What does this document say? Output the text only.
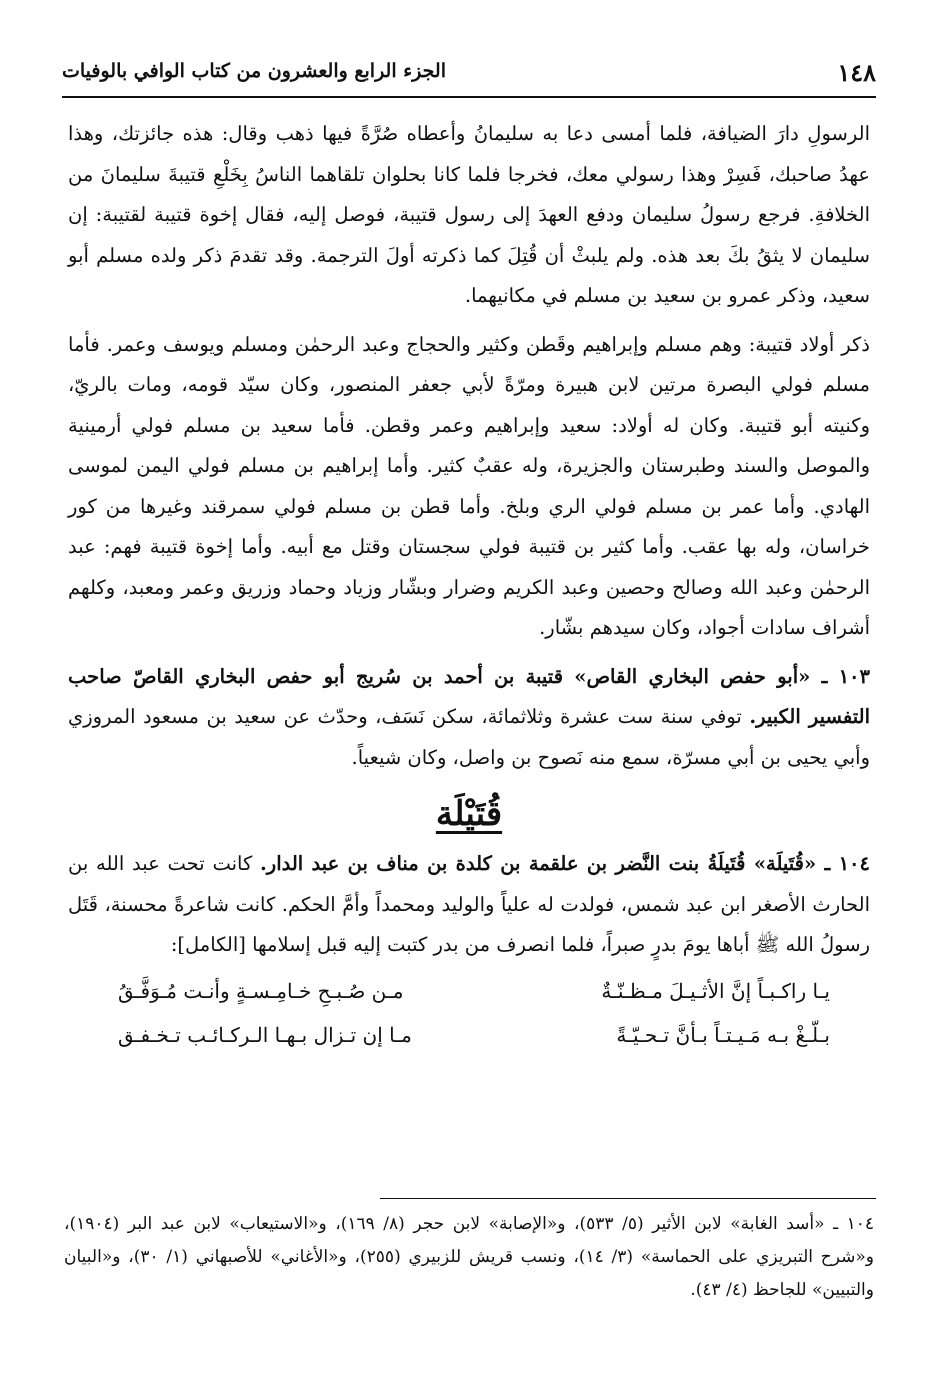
١٤٨
الجزء الرابع والعشرون من كتاب الوافي بالوفيات

الرسولِ دارَ الضيافة، فلما أمسى دعا به سليمانُ وأعطاه صُرَّةً فيها ذهب وقال: هذه جائزتك، وهذا عهدُ صاحبك، فَسِرْ وهذا رسولي معك، فخرجا فلما كانا بحلوان تلقاهما الناسُ بِخَلْعِ قتيبةَ سليمانَ من الخلافةِ. فرجع رسولُ سليمان ودفع العهدَ إلى رسول قتيبة، فوصل إليه، فقال إخوة قتيبة لقتيبة: إن سليمان لا يثقُ بكَ بعد هذه. ولم يلبثْ أن قُتِلَ كما ذكرته أولَ الترجمة. وقد تقدمَ ذكر ولده مسلم أبو سعيد، وذكر عمرو بن سعيد بن مسلم في مكانيهما.

ذكر أولاد قتيبة: وهم مسلم وإبراهيم وقَطن وكثير والحجاج وعبد الرحمٰن ومسلم ويوسف وعمر. فأما مسلم فولي البصرة مرتين لابن هبيرة ومرّةً لأبي جعفر المنصور، وكان سيّد قومه، ومات بالريّ، وكنيته أبو قتيبة. وكان له أولاد: سعيد وإبراهيم وعمر وقطن. فأما سعيد بن مسلم فولي أرمينية والموصل والسند وطبرستان والجزيرة، وله عقبٌ كثير. وأما إبراهيم بن مسلم فولي اليمن لموسى الهادي. وأما عمر بن مسلم فولي الري وبلخ. وأما قطن بن مسلم فولي سمرقند وغيرها من كور خراسان، وله بها عقب. وأما كثير بن قتيبة فولي سجستان وقتل مع أبيه. وأما إخوة قتيبة فهم: عبد الرحمٰن وعبد الله وصالح وحصين وعبد الكريم وضرار وبشّار وزياد وحماد وزريق وعمر ومعبد، وكلهم أشراف سادات أجواد، وكان سيدهم بشّار.

١٠٣ ـ «أبو حفص البخاري القاص» قتيبة بن أحمد بن سُريج أبو حفص البخاري القاصّ صاحب التفسير الكبير. توفي سنة ست عشرة وثلاثمائة، سكن نَسَف، وحدّث عن سعيد بن مسعود المروزي وأبي يحيى بن أبي مسرّة، سمع منه نَصوح بن واصل، وكان شيعياً.

قُتَيْلَة

١٠٤ ـ «قُتَيلَة» قُتَيلَةُ بنت النَّضر بن علقمة بن كلدة بن مناف بن عبد الدار. كانت تحت عبد الله بن الحارث الأصغر ابن عبد شمس، فولدت له علياً والوليد ومحمداً وأمَّ الحكم. كانت شاعرةً محسنة، قَتَل رسولُ الله ﷺ أباها يومَ بدرٍ صبراً، فلما انصرف من بدر كتبت إليه قبل إسلامها [الكامل]:

يـا راكـبـاً إنَّ الأثـيـلَ مـظـنّـةٌ
مـن صُـبـحِ خـامِـسـةٍ وأنـت مُـوَفَّـقُ
بـلّـغْ بـه مَـيـتـاً بـأنَّ تـحـيّـةً
مـا إن تـزال بـهـا الـركـائـب تـخـفـق

١٠٤ ـ «أسد الغابة» لابن الأثير (٥/ ٥٣٣)، و«الإصابة» لابن حجر (٨/ ١٦٩)، و«الاستيعاب» لابن عبد البر (١٩٠٤)، و«شرح التبريزي على الحماسة» (٣/ ١٤)، ونسب قريش للزبيري (٢٥٥)، و«الأغاني» للأصبهاني (١/ ٣٠)، و«البيان والتبيين» للجاحظ (٤/ ٤٣).
